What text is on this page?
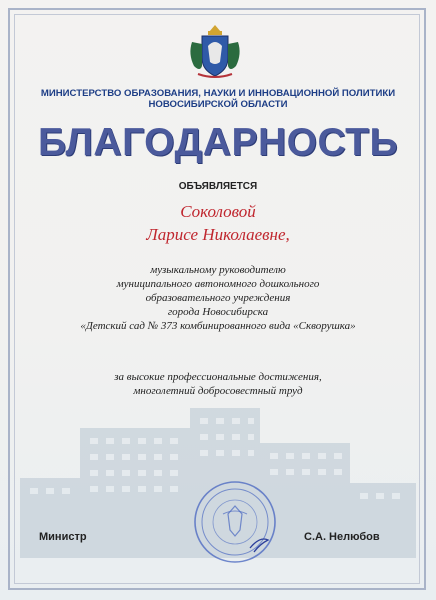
МИНИСТЕРСТВО ОБРАЗОВАНИЯ, НАУКИ И ИННОВАЦИОННОЙ ПОЛИТИКИ
НОВОСИБИРСКОЙ ОБЛАСТИ
БЛАГОДАРНОСТЬ
ОБЪЯВЛЯЕТСЯ
Соколовой
Ларисе Николаевне,
музыкальному руководителю
муниципального автономного дошкольного
образовательного учреждения
города Новосибирска
«Детский сад № 373 комбинированного вида «Скворушка»
за высокие профессиональные достижения,
многолетний добросовестный труд
Министр	С.А. Нелюбов
